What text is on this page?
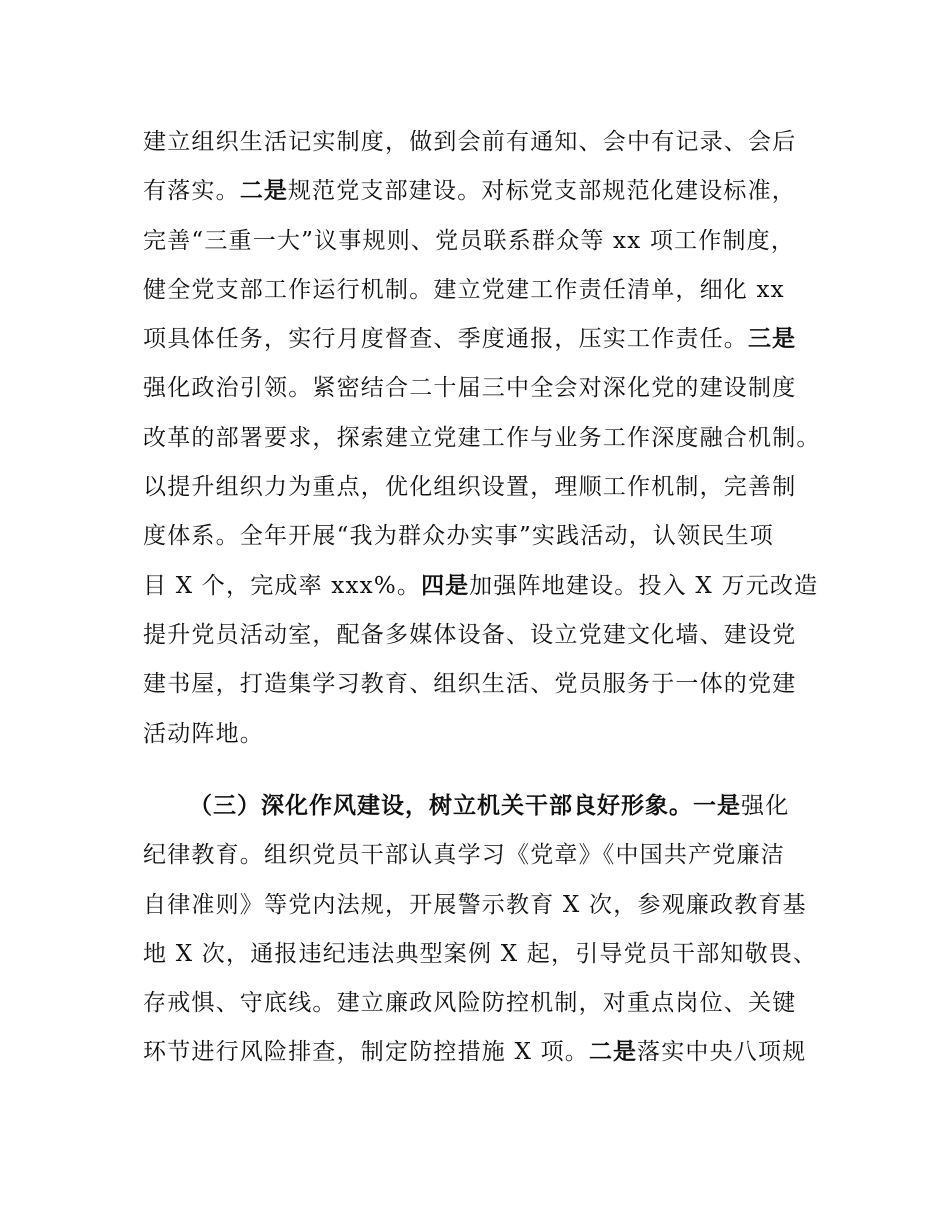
建立组织生活记实制度，做到会前有通知、会中有记录、会后
有落实。二是规范党支部建设。对标党支部规范化建设标准，
完善“三重一大”议事规则、党员联系群众等 xx 项工作制度，
健全党支部工作运行机制。建立党建工作责任清单，细化 xx
项具体任务，实行月度督查、季度通报，压实工作责任。三是
强化政治引领。紧密结合二十届三中全会对深化党的建设制度
改革的部署要求，探索建立党建工作与业务工作深度融合机制。
以提升组织力为重点，优化组织设置，理顺工作机制，完善制
度体系。全年开展“我为群众办实事”实践活动，认领民生项
目 X 个，完成率 xxx%。四是加强阵地建设。投入 X 万元改造
提升党员活动室，配备多媒体设备、设立党建文化墙、建设党
建书屋，打造集学习教育、组织生活、党员服务于一体的党建
活动阵地。
（三）深化作风建设，树立机关干部良好形象。一是强化
纪律教育。组织党员干部认真学习《党章》《中国共产党廉洁
自律准则》等党内法规，开展警示教育 X 次，参观廉政教育基
地 X 次，通报违纪违法典型案例 X 起，引导党员干部知敬畏、
存戒惧、守底线。建立廉政风险防控机制，对重点岗位、关键
环节进行风险排查，制定防控措施 X 项。二是落实中央八项规
